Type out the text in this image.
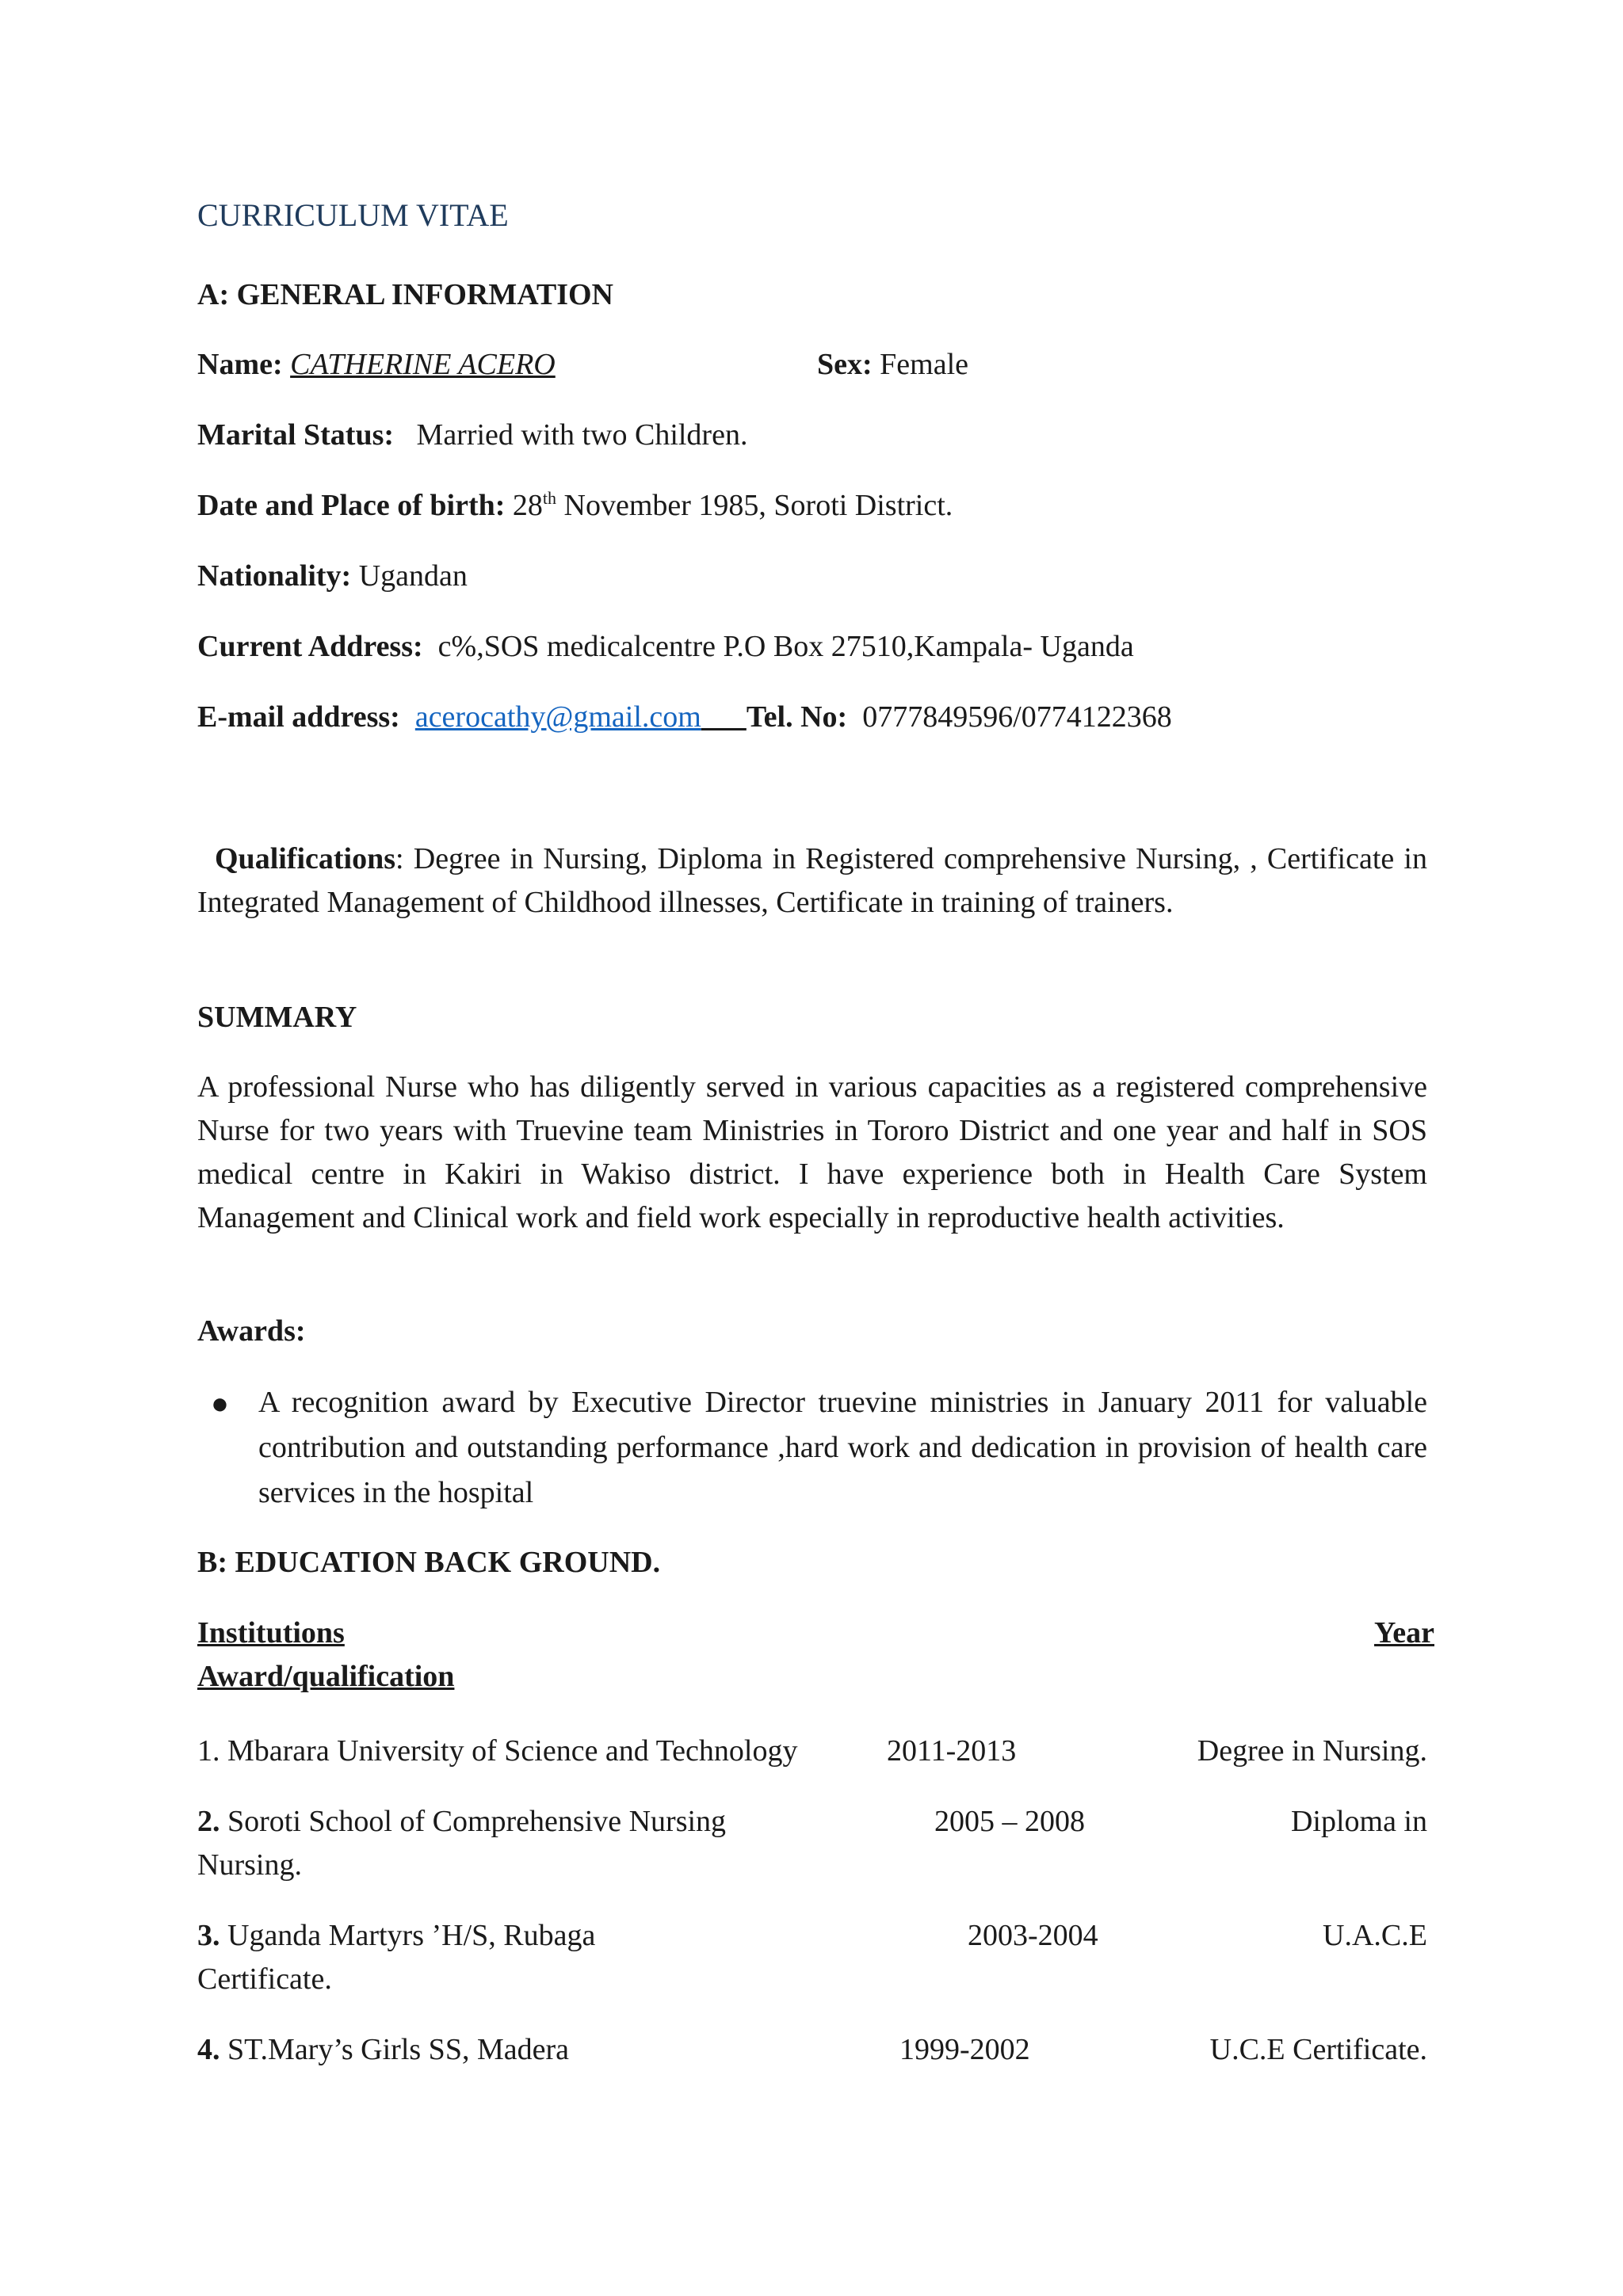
CURRICULUM VITAE
A: GENERAL INFORMATION
Name: CATHERINE ACERO	Sex: Female
Marital Status: Married with two Children.
Date and Place of birth: 28th November 1985, Soroti District.
Nationality: Ugandan
Current Address: c%,SOS medicalcentre P.O Box 27510,Kampala- Uganda
E-mail address: acerocathy@gmail.com Tel. No: 0777849596/0774122368
Qualifications: Degree in Nursing, Diploma in Registered comprehensive Nursing, , Certificate in Integrated Management of Childhood illnesses, Certificate in training of trainers.
SUMMARY
A professional Nurse who has diligently served in various capacities as a registered comprehensive Nurse for two years with Truevine team Ministries in Tororo District and one year and half in SOS medical centre in Kakiri in Wakiso district. I have experience both in Health Care System Management and Clinical work and field work especially in reproductive health activities.
Awards:
● A recognition award by Executive Director truevine ministries in January 2011 for valuable contribution and outstanding performance ,hard work and dedication in provision of health care services in the hospital
B: EDUCATION BACK GROUND.
Institutions	Year
Award/qualification
1. Mbarara University of Science and Technology	2011-2013	Degree in Nursing.
2. Soroti School of Comprehensive Nursing	2005 – 2008	Diploma in
Nursing.
3. Uganda Martyrs ’H/S, Rubaga	2003-2004	U.A.C.E
Certificate.
4. ST.Mary’s Girls SS, Madera	1999-2002	U.C.E Certificate.
